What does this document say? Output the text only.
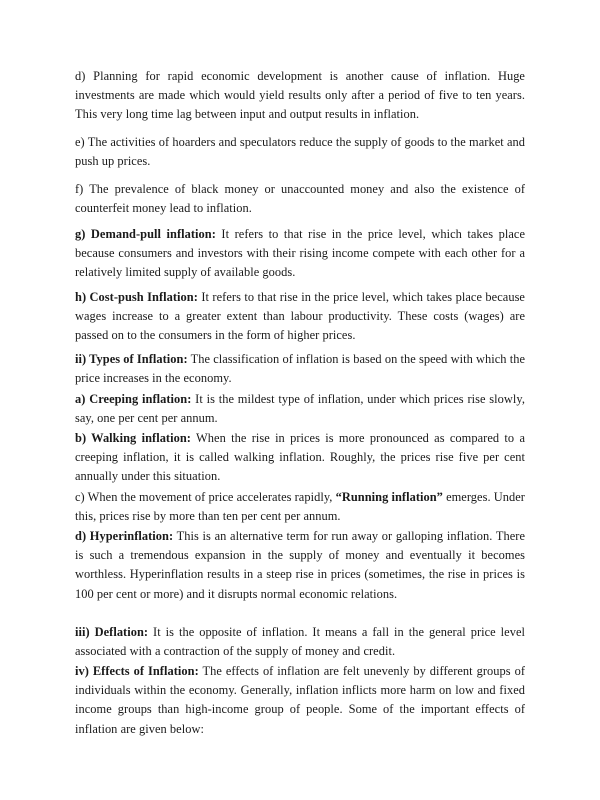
d) Planning for rapid economic development is another cause of inflation. Huge investments are made which would yield results only after a period of five to ten years. This very long time lag between input and output results in inflation.

e) The activities of hoarders and speculators reduce the supply of goods to the market and push up prices.

f) The prevalence of black money or unaccounted money and also the existence of counterfeit money lead to inflation.

g) Demand-pull inflation: It refers to that rise in the price level, which takes place because consumers and investors with their rising income compete with each other for a relatively limited supply of available goods.

h) Cost-push Inflation: It refers to that rise in the price level, which takes place because wages increase to a greater extent than labour productivity. These costs (wages) are passed on to the consumers in the form of higher prices.

ii) Types of Inflation: The classification of inflation is based on the speed with which the price increases in the economy.

a) Creeping inflation: It is the mildest type of inflation, under which prices rise slowly, say, one per cent per annum.

b) Walking inflation: When the rise in prices is more pronounced as compared to a creeping inflation, it is called walking inflation. Roughly, the prices rise five per cent annually under this situation.

c) When the movement of price accelerates rapidly, “Running inflation” emerges. Under this, prices rise by more than ten per cent per annum.

d) Hyperinflation: This is an alternative term for run away or galloping inflation. There is such a tremendous expansion in the supply of money and eventually it becomes worthless. Hyperinflation results in a steep rise in prices (sometimes, the rise in prices is 100 per cent or more) and it disrupts normal economic relations.

iii) Deflation: It is the opposite of inflation. It means a fall in the general price level associated with a contraction of the supply of money and credit.

iv) Effects of Inflation: The effects of inflation are felt unevenly by different groups of individuals within the economy. Generally, inflation inflicts more harm on low and fixed income groups than high-income group of people. Some of the important effects of inflation are given below:
